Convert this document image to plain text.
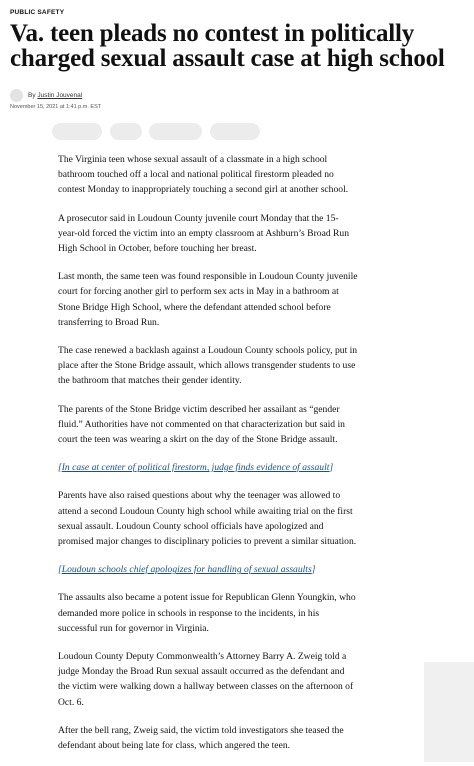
PUBLIC SAFETY
Va. teen pleads no contest in politically charged sexual assault case at high school
By Justin Jouvenal
November 15, 2021 at 1:41 p.m. EST

The Virginia teen whose sexual assault of a classmate in a high school bathroom touched off a local and national political firestorm pleaded no contest Monday to inappropriately touching a second girl at another school.

A prosecutor said in Loudoun County juvenile court Monday that the 15-year-old forced the victim into an empty classroom at Ashburn’s Broad Run High School in October, before touching her breast.

Last month, the same teen was found responsible in Loudoun County juvenile court for forcing another girl to perform sex acts in May in a bathroom at Stone Bridge High School, where the defendant attended school before transferring to Broad Run.

The case renewed a backlash against a Loudoun County schools policy, put in place after the Stone Bridge assault, which allows transgender students to use the bathroom that matches their gender identity.

The parents of the Stone Bridge victim described her assailant as “gender fluid.” Authorities have not commented on that characterization but said in court the teen was wearing a skirt on the day of the Stone Bridge assault.

[In case at center of political firestorm, judge finds evidence of assault]

Parents have also raised questions about why the teenager was allowed to attend a second Loudoun County high school while awaiting trial on the first sexual assault. Loudoun County school officials have apologized and promised major changes to disciplinary policies to prevent a similar situation.

[Loudoun schools chief apologizes for handling of sexual assaults]

The assaults also became a potent issue for Republican Glenn Youngkin, who demanded more police in schools in response to the incidents, in his successful run for governor in Virginia.

Loudoun County Deputy Commonwealth’s Attorney Barry A. Zweig told a judge Monday the Broad Run sexual assault occurred as the defendant and the victim were walking down a hallway between classes on the afternoon of Oct. 6.

After the bell rang, Zweig said, the victim told investigators she teased the defendant about being late for class, which angered the teen.
